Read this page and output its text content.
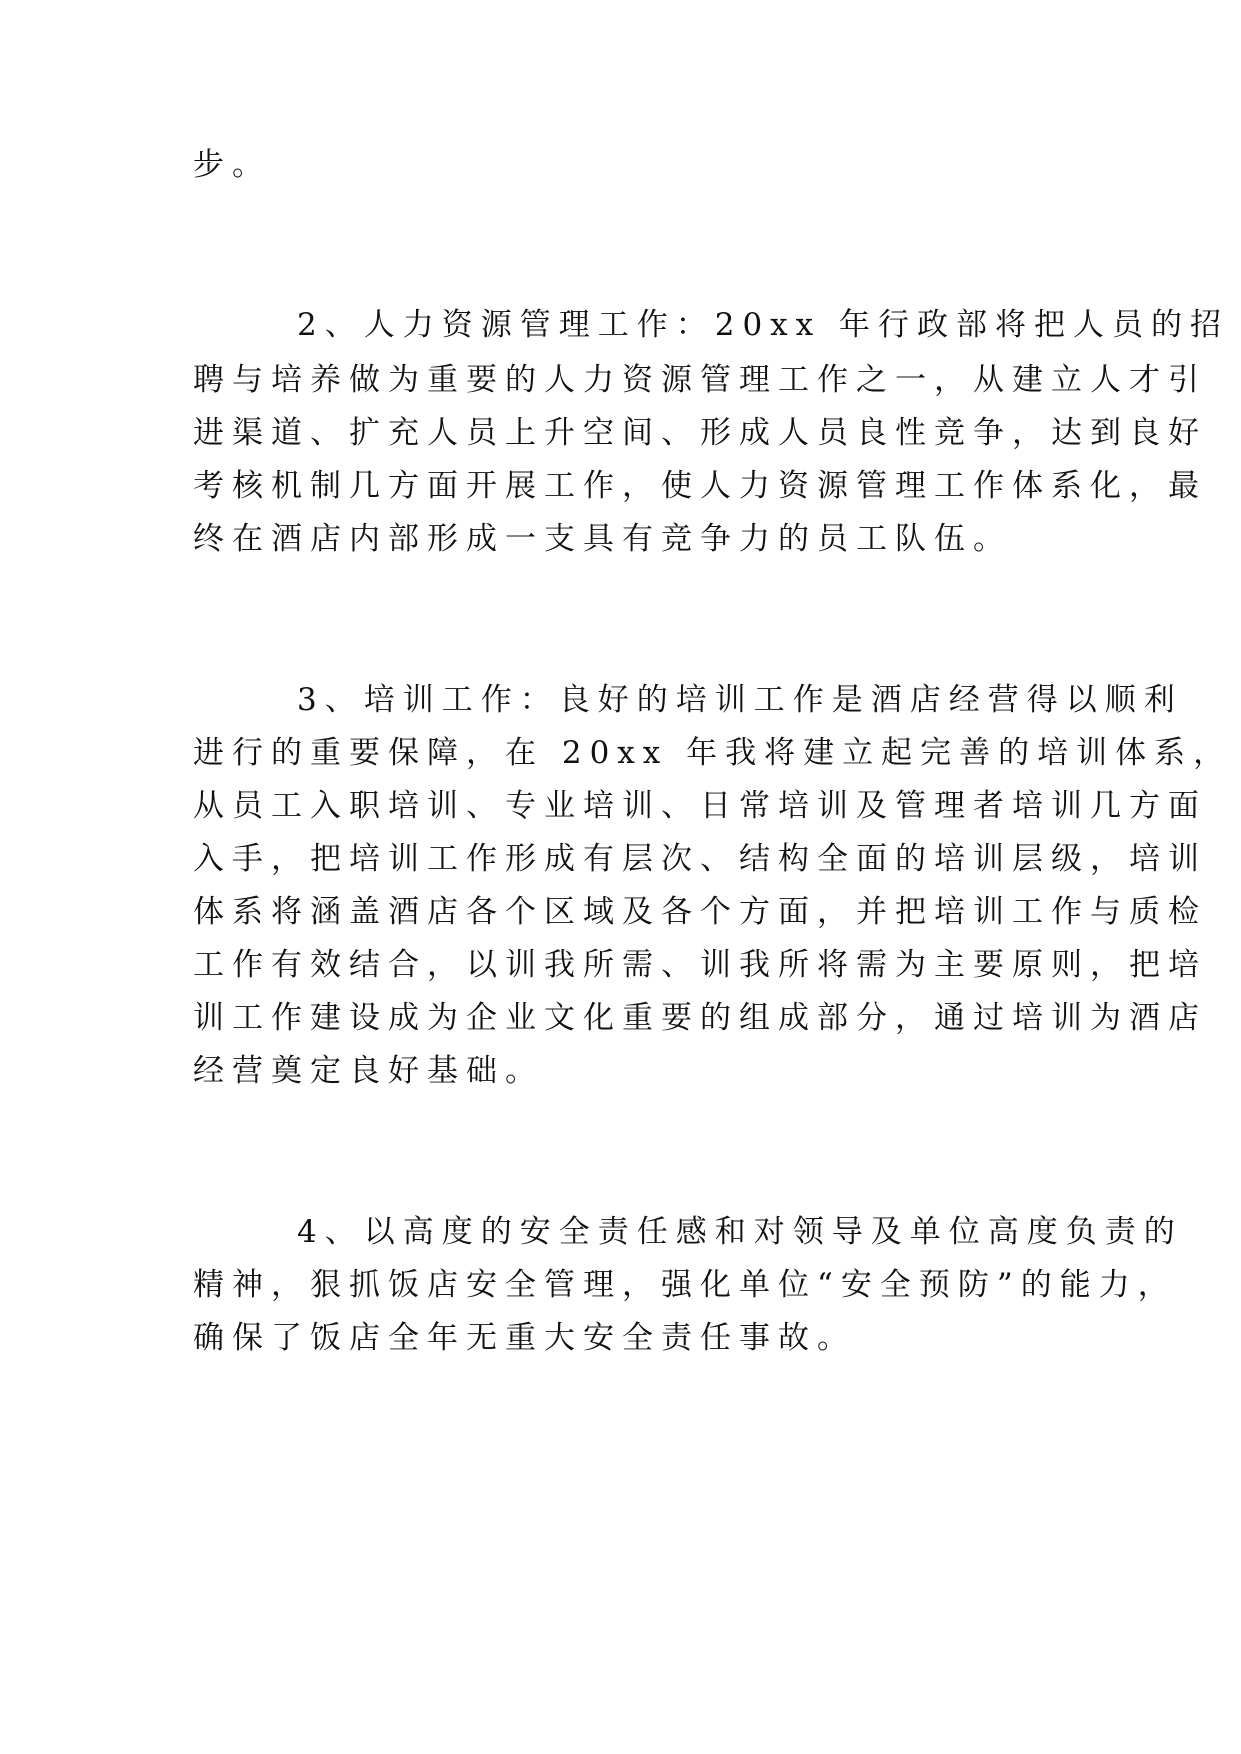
步。
2、人力资源管理工作：20xx 年行政部将把人员的招
聘与培养做为重要的人力资源管理工作之一，从建立人才引
进渠道、扩充人员上升空间、形成人员良性竞争，达到良好
考核机制几方面开展工作，使人力资源管理工作体系化，最
终在酒店内部形成一支具有竞争力的员工队伍。
3、培训工作：良好的培训工作是酒店经营得以顺利
进行的重要保障，在 20xx 年我将建立起完善的培训体系，
从员工入职培训、专业培训、日常培训及管理者培训几方面
入手，把培训工作形成有层次、结构全面的培训层级，培训
体系将涵盖酒店各个区域及各个方面，并把培训工作与质检
工作有效结合，以训我所需、训我所将需为主要原则，把培
训工作建设成为企业文化重要的组成部分，通过培训为酒店
经营奠定良好基础。
4、以高度的安全责任感和对领导及单位高度负责的
精神，狠抓饭店安全管理，强化单位“安全预防”的能力，
确保了饭店全年无重大安全责任事故。
